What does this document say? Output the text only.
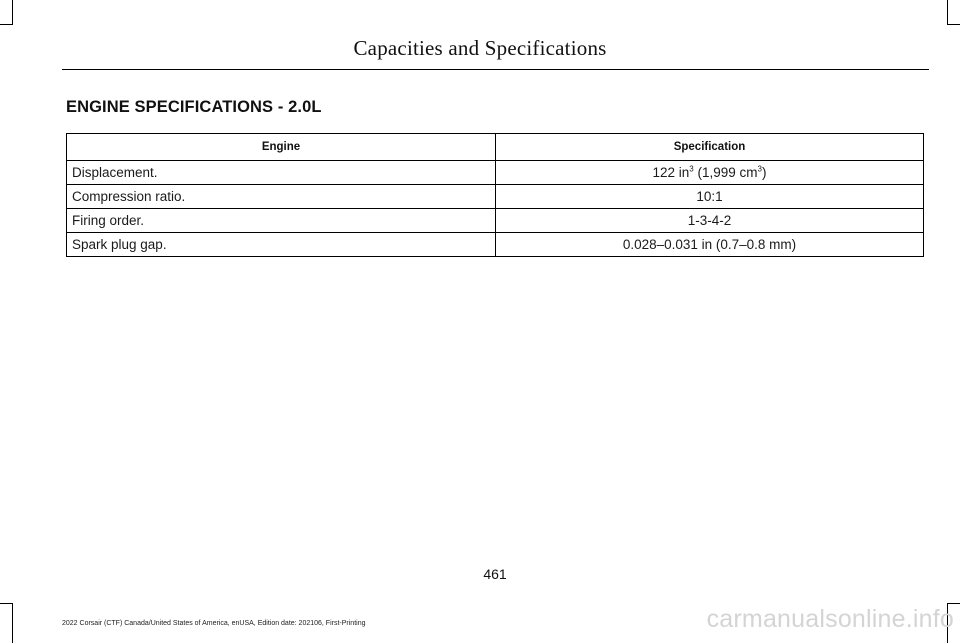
Capacities and Specifications
ENGINE SPECIFICATIONS - 2.0L
Engine	Specification
Displacement.	122 $in^3$ (1,999 $cm^3$)
Compression ratio.	10:1
Firing order.	1-3-4-2
Spark plug gap.	0.028–0.031 in (0.7–0.8 mm)
461
2022 Corsair (CTF) Canada/United States of America, enUSA, Edition date: 202106, First-Printing	carmanualsonline.info
